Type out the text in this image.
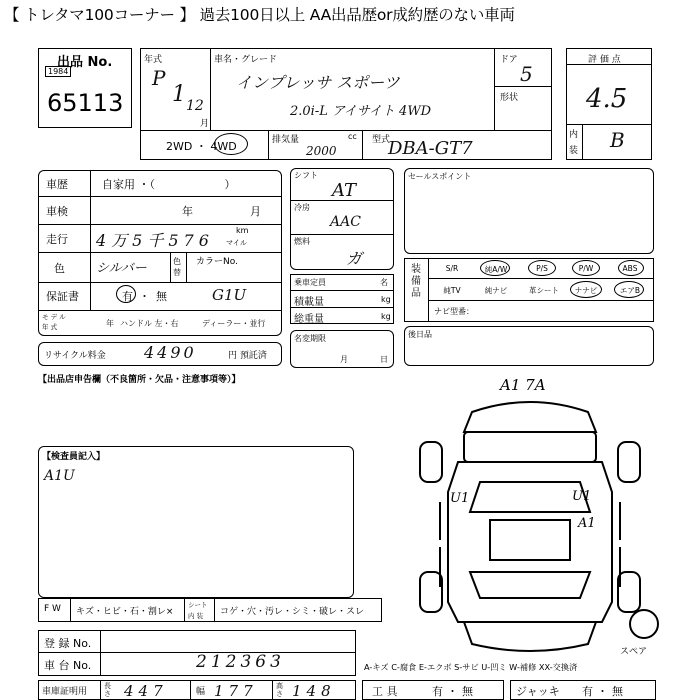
【 トレタマ100コーナー 】 過去100日以上 AA出品歴or成約歴のない車両
出品 No.
1984
65113
年式
P
1 12
月
車名・グレード
インプレッサ スポーツ
2.0i-L アイサイト 4WD
ドア
5
形状
2WD ・ 4WD	排気量	cc
2000
型式
DBA-GT7
評 価 点
4.5
内
装 B
車歴	自家用 ・（ 　　　　　　）
車検	年	月
走行 4万5千576
km
マイル
色 シルバー	色替
カラーNo.
G1U
保証書	有・無
モ デ ル
年 式	年 ハンドル 左・右	ディーラー・並行
リサイクル料金 4490	円 預託済
【出品店申告欄（不良箇所・欠品・注意事項等）】
シフト
AT
冷房
AAC
燃料
ガ
乗車定員	名
積載量	kg
総重量	kg
名変期限
月	日
セールスポイント
装備品
S/R	純A/W	P/S	P/W	ABS
純TV	純ナビ	革シート	ナナビ	エアB
ナビ型番：
後日品
【検査員記入】
A1U
A1 7A
U1	U1
A1
スペア
F W キズ・ヒビ・石・割レ×
シート
内 装 コゲ・穴・汚レ・シミ・破レ・スレ
登 録 No.
車 台 No.	212363	A-キズ C-腐食 E-エクボ S-サビ U-凹ミ W-補修 XX-交換済
車庫証明用
長さ 447	幅 177	高さ 148	工 具	有・無	ジャッキ 有・無
